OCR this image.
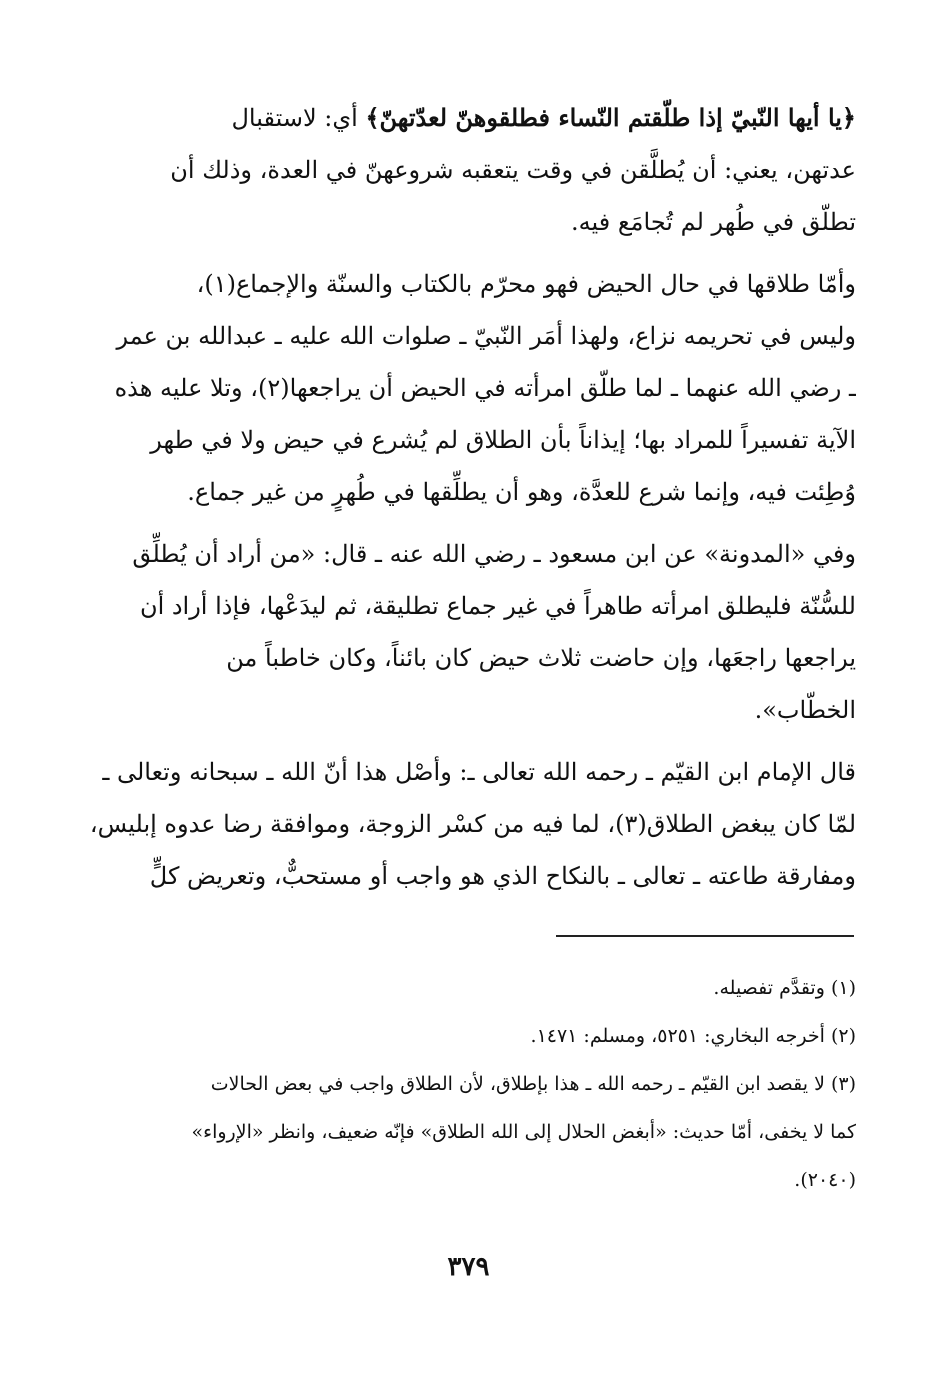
﴿يا أيها النّبيّ إذا طلّقتم النّساء فطلقوهنّ لعدّتهنّ﴾ أي: لاستقبال
عدتهن، يعني: أن يُطلَّقن في وقت يتعقبه شروعهنّ في العدة، وذلك أن
تطلّق في طُهر لم تُجامَع فيه.

وأمّا طلاقها في حال الحيض فهو محرّم بالكتاب والسنّة والإجماع(١)،
وليس في تحريمه نزاع، ولهذا أمَر النّبيّ ـ صلوات الله عليه ـ عبدالله بن عمر
ـ رضي الله عنهما ـ لما طلّق امرأته في الحيض أن يراجعها(٢)، وتلا عليه هذه
الآية تفسيراً للمراد بها؛ إيذاناً بأن الطلاق لم يُشرع في حيض ولا في طهر
وُطِئت فيه، وإنما شرع للعدَّة، وهو أن يطلِّقها في طُهرٍ من غير جماع.

وفي «المدونة» عن ابن مسعود ـ رضي الله عنه ـ قال: «من أراد أن يُطلِّق
للسُّنّة فليطلق امرأته طاهراً في غير جماع تطليقة، ثم ليدَعْها، فإذا أراد أن
يراجعها راجعَها، وإن حاضت ثلاث حيض كان بائناً، وكان خاطباً من
الخطّاب».

قال الإمام ابن القيّم ـ رحمه الله تعالى ـ: وأصْل هذا أنّ الله ـ سبحانه وتعالى ـ
لمّا كان يبغض الطلاق(٣)، لما فيه من كسْر الزوجة، وموافقة رضا عدوه إبليس،
ومفارقة طاعته ـ تعالى ـ بالنكاح الذي هو واجب أو مستحبٌّ، وتعريض كلٍّ

(١) وتقدَّم تفصيله.
(٢) أخرجه البخاري: ٥٢٥١، ومسلم: ١٤٧١.
(٣) لا يقصد ابن القيّم ـ رحمه الله ـ هذا بإطلاق، لأن الطلاق واجب في بعض الحالات
كما لا يخفى، أمّا حديث: «أبغض الحلال إلى الله الطلاق» فإنّه ضعيف، وانظر «الإرواء»
(٢٠٤٠).
٣٧٩
